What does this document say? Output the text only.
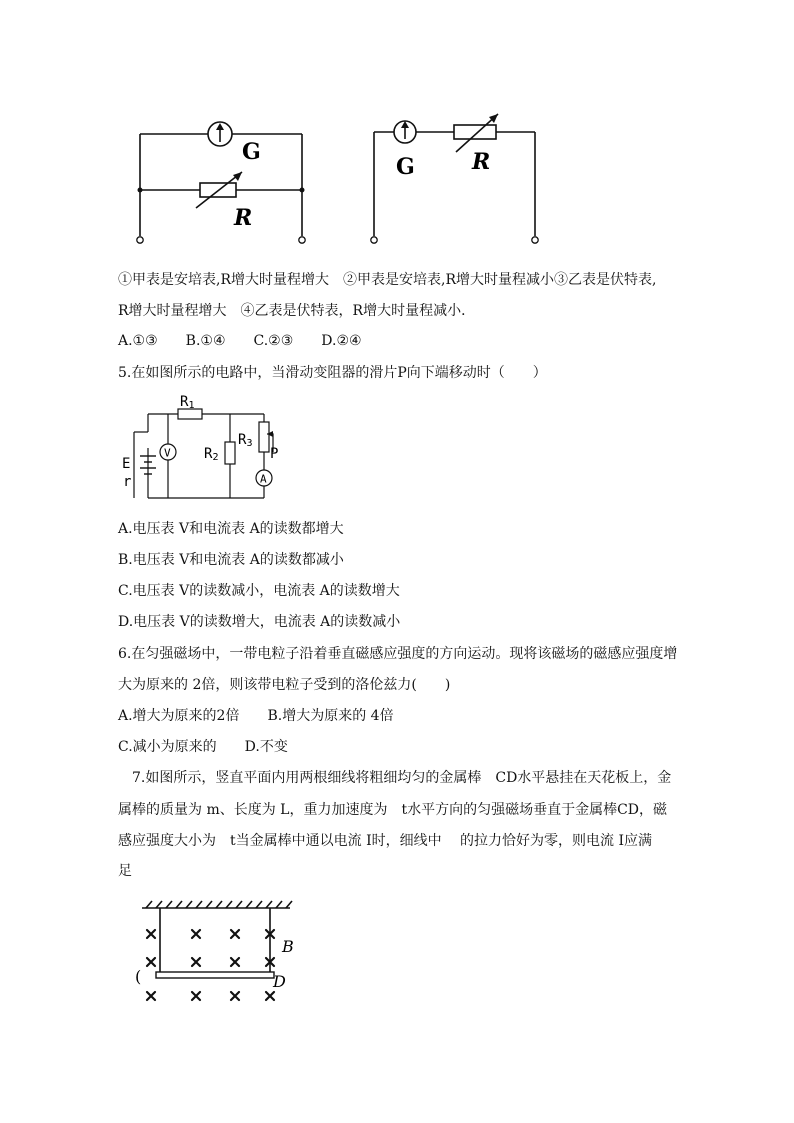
G
R
G	R
①甲表是安培表,R增大时量程增大　②甲表是安培表,R增大时量程减小③乙表是伏特表,
R增大时量程增大　④乙表是伏特表，R增大时量程减小．
A.①③　　B.①④　　C.②③　　D.②④
5.在如图所示的电路中，当滑动变阻器的滑片P向下端移动时（　　）
V
A
R1
R2
R3
P
E
r
A.电压表 V和电流表 A的读数都增大
B.电压表 V和电流表 A的读数都减小
C.电压表 V的读数减小，电流表 A的读数增大
D.电压表 V的读数增大，电流表 A的读数减小
6.在匀强磁场中，一带电粒子沿着垂直磁感应强度的方向运动。现将该磁场的磁感应强度增
大为原来的 2倍，则该带电粒子受到的洛伦兹力(　　)
A.增大为原来的2倍　　B.增大为原来的 4倍
C.减小为原来的　　D.不变
7.如图所示，竖直平面内用两根细线将粗细均匀的金属棒　CD水平悬挂在天花板上，金
属棒的质量为 m、长度为 L，重力加速度为　t水平方向的匀强磁场垂直于金属棒CD，磁
感应强度大小为　t当金属棒中通以电流 I时，细线中　 的拉力恰好为零，则电流 I应满
足
B
(	D
